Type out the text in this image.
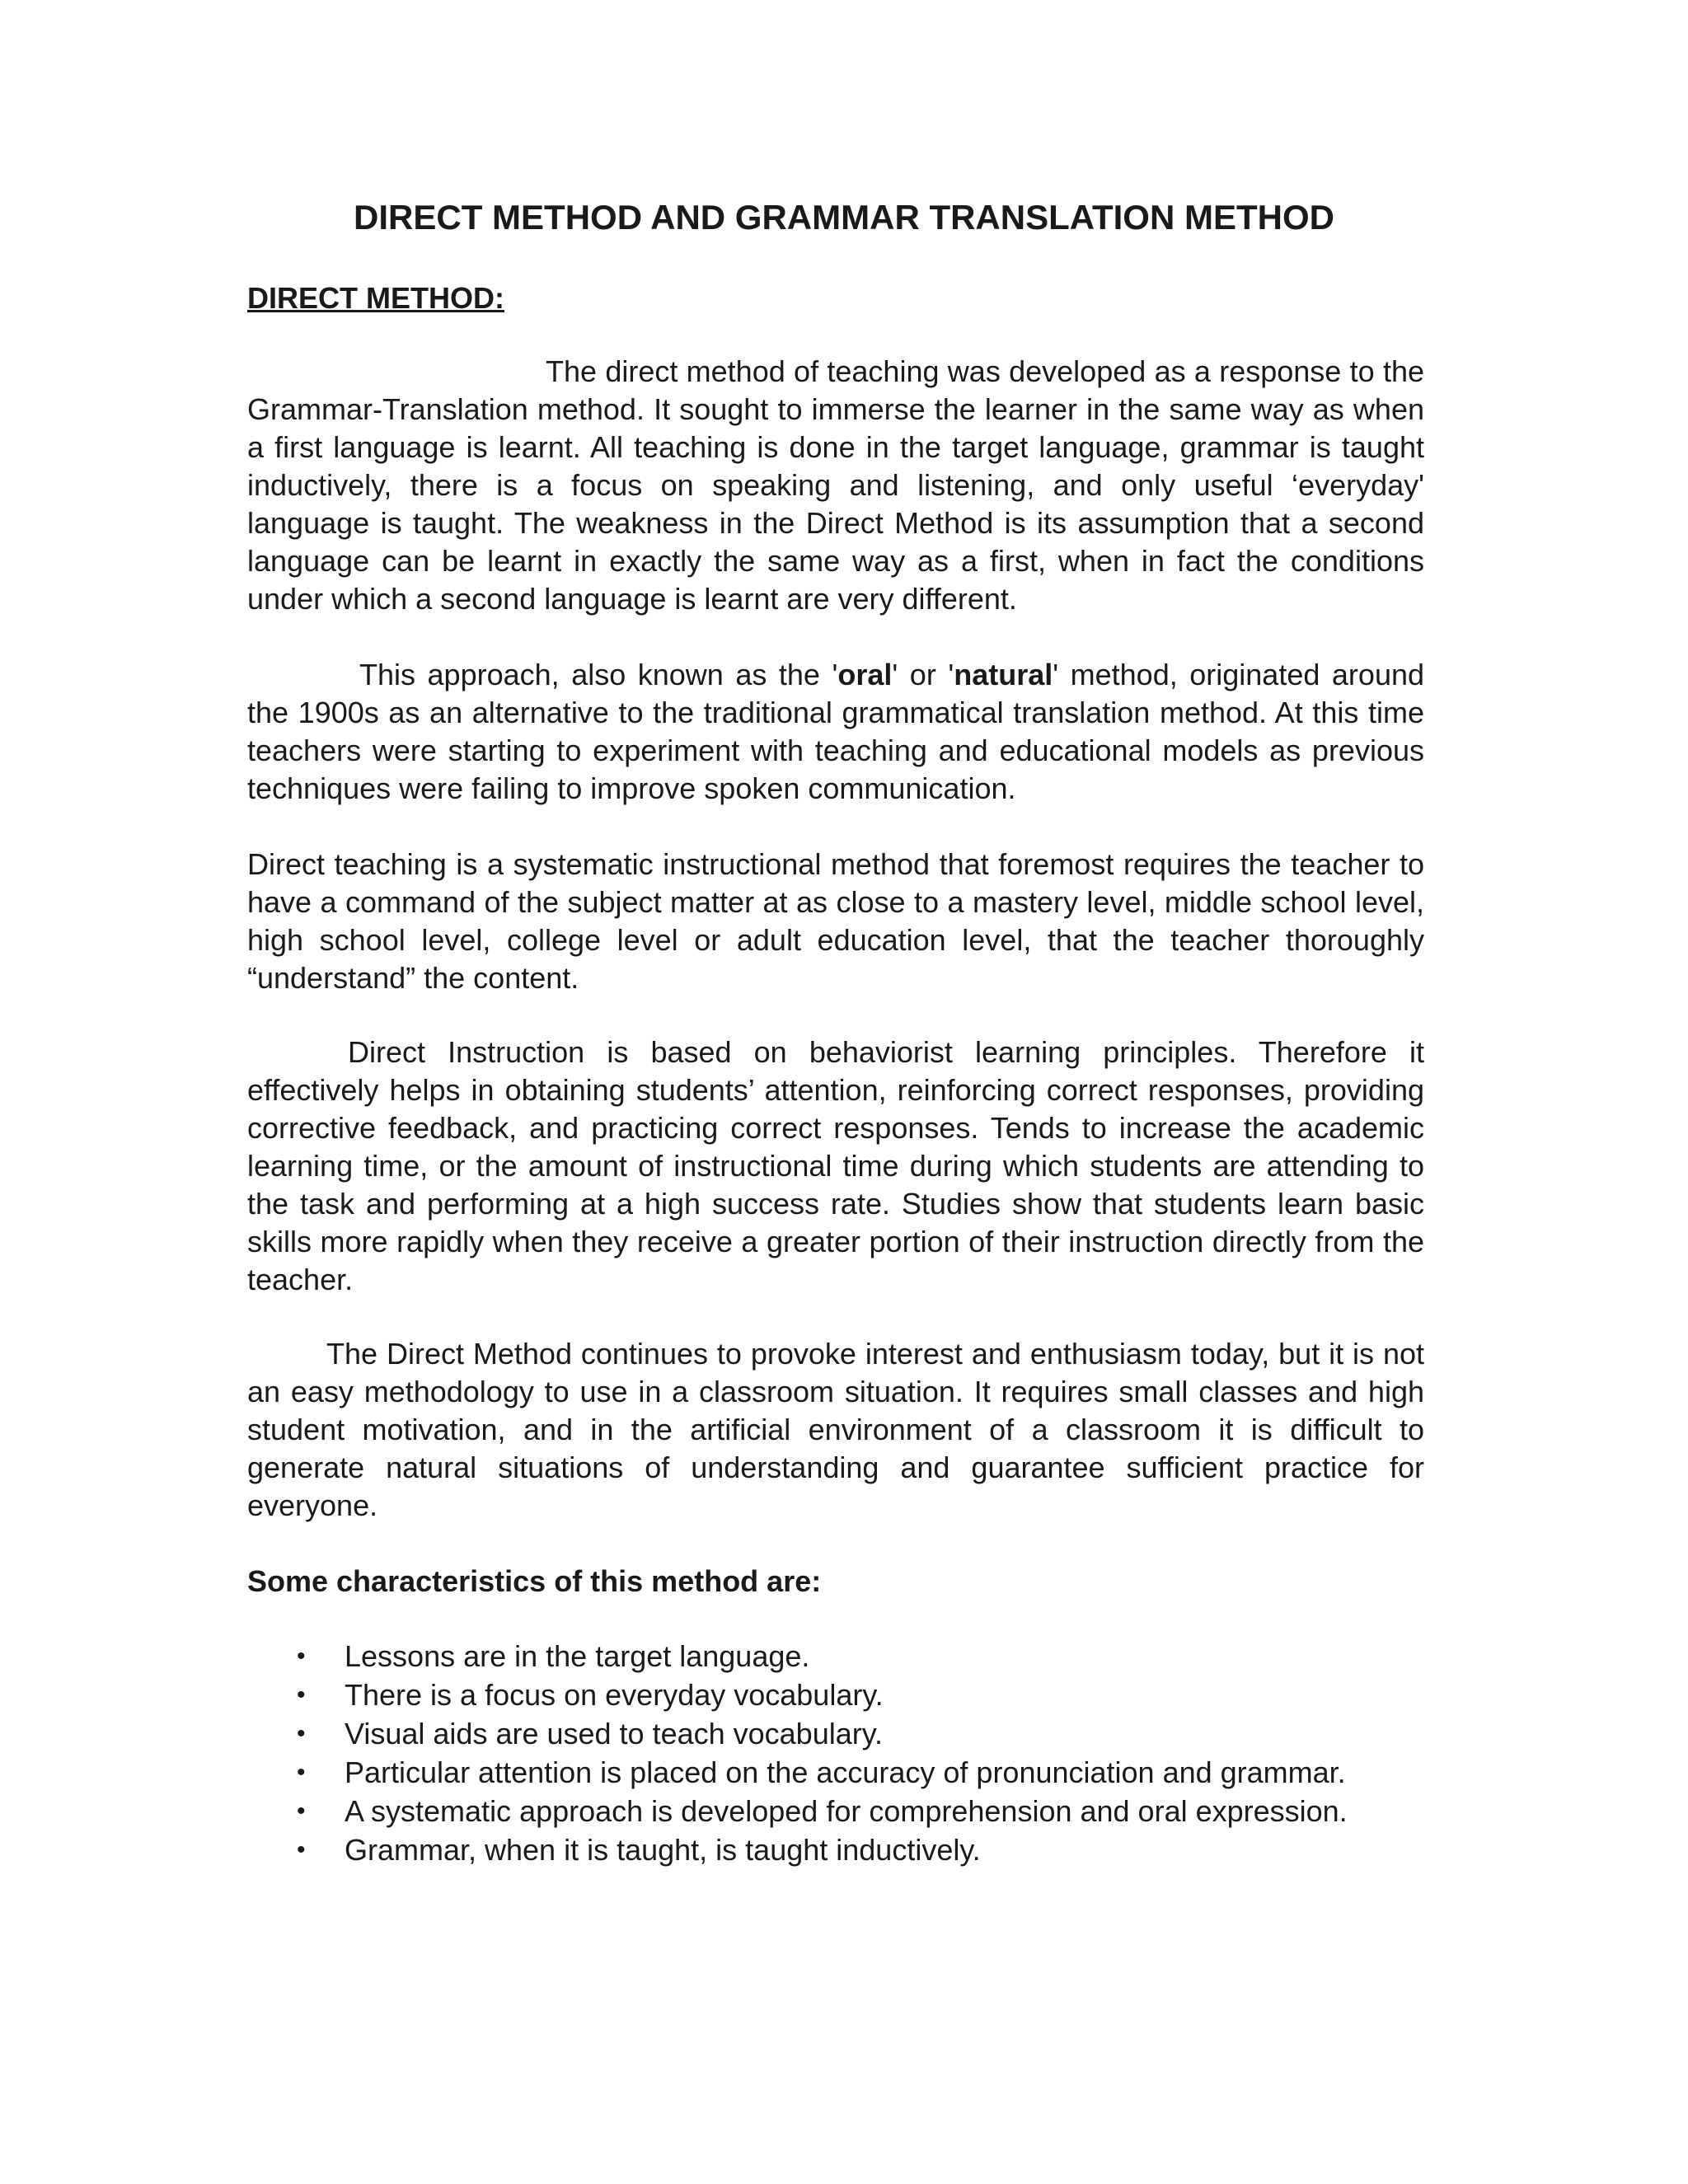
DIRECT METHOD AND GRAMMAR TRANSLATION METHOD
DIRECT METHOD:

The direct method of teaching was developed as a response to the Grammar-Translation method. It sought to immerse the learner in the same way as when a first language is learnt. All teaching is done in the target language, grammar is taught inductively, there is a focus on speaking and listening, and only useful ‘everyday' language is taught. The weakness in the Direct Method is its assumption that a second language can be learnt in exactly the same way as a first, when in fact the conditions under which a second language is learnt are very different.

This approach, also known as the 'oral' or 'natural' method, originated around the 1900s as an alternative to the traditional grammatical translation method. At this time teachers were starting to experiment with teaching and educational models as previous techniques were failing to improve spoken communication.

Direct teaching is a systematic instructional method that foremost requires the teacher to have a command of the subject matter at as close to a mastery level, middle school level, high school level, college level or adult education level, that the teacher thoroughly “understand” the content.

Direct Instruction is based on behaviorist learning principles. Therefore it effectively helps in obtaining students’ attention, reinforcing correct responses, providing corrective feedback, and practicing correct responses. Tends to increase the academic learning time, or the amount of instructional time during which students are attending to the task and performing at a high success rate. Studies show that students learn basic skills more rapidly when they receive a greater portion of their instruction directly from the teacher.

The Direct Method continues to provoke interest and enthusiasm today, but it is not an easy methodology to use in a classroom situation. It requires small classes and high student motivation, and in the artificial environment of a classroom it is difficult to generate natural situations of understanding and guarantee sufficient practice for everyone.

Some characteristics of this method are:
• Lessons are in the target language.
• There is a focus on everyday vocabulary.
• Visual aids are used to teach vocabulary.
• Particular attention is placed on the accuracy of pronunciation and grammar.
• A systematic approach is developed for comprehension and oral expression.
• Grammar, when it is taught, is taught inductively.
